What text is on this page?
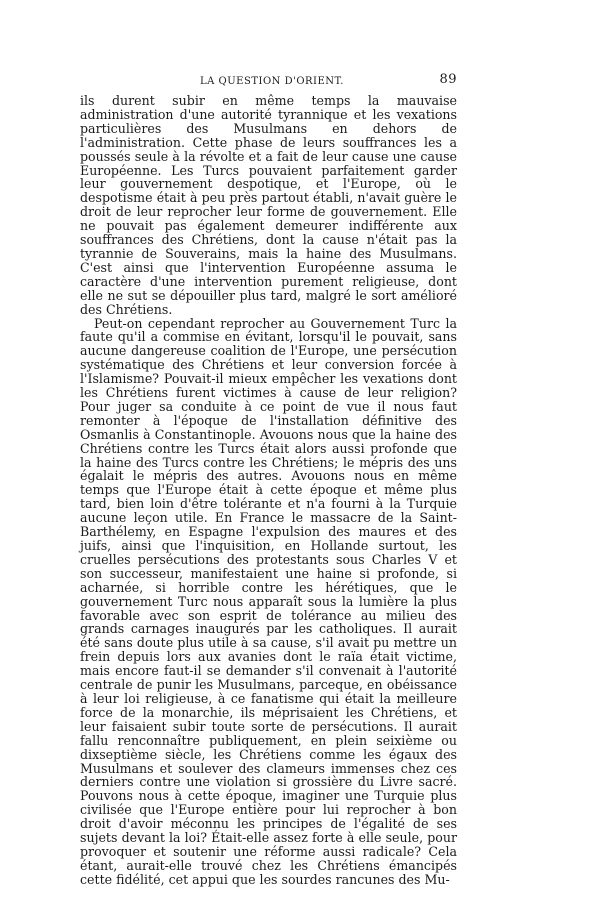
LA QUESTION D'ORIENT.	89

ils durent subir en même temps la mauvaise administration d'une autorité tyrannique et les vexations particulières des Musulmans en dehors de l'administration. Cette phase de leurs souffrances les a poussés seule à la révolte et a fait de leur cause une cause Européenne. Les Turcs pouvaient parfaitement garder leur gouvernement despotique, et l'Europe, où le despotisme était à peu près partout établi, n'avait guère le droit de leur reprocher leur forme de gouvernement. Elle ne pouvait pas également demeurer indifférente aux souffrances des Chrétiens, dont la cause n'était pas la tyrannie de Souverains, mais la haine des Musulmans. C'est ainsi que l'intervention Européenne assuma le caractère d'une intervention purement religieuse, dont elle ne sut se dépouiller plus tard, malgré le sort amélioré des Chrétiens.

Peut-on cependant reprocher au Gouvernement Turc la faute qu'il a commise en évitant, lorsqu'il le pouvait, sans aucune dangereuse coalition de l'Europe, une persécution systématique des Chrétiens et leur conversion forcée à l'Islamisme? Pouvait-il mieux empêcher les vexations dont les Chrétiens furent victimes à cause de leur religion? Pour juger sa conduite à ce point de vue il nous faut remonter à l'époque de l'installation définitive des Osmanlis à Constantinople. Avouons nous que la haine des Chrétiens contre les Turcs était alors aussi profonde que la haine des Turcs contre les Chrétiens; le mépris des uns égalait le mépris des autres. Avouons nous en même temps que l'Europe était à cette époque et même plus tard, bien loin d'être tolérante et n'a fourni à la Turquie aucune leçon utile. En France le massacre de la Saint-Barthélemy, en Espagne l'expulsion des maures et des juifs, ainsi que l'inquisition, en Hollande surtout, les cruelles persécutions des protestants sous Charles V et son successeur, manifestaient une haine si profonde, si acharnée, si horrible contre les hérétiques, que le gouvernement Turc nous apparaît sous la lumière la plus favorable avec son esprit de tolérance au milieu des grands carnages inaugurés par les catholiques. Il aurait été sans doute plus utile à sa cause, s'il avait pu mettre un frein depuis lors aux avanies dont le raïa était victime, mais encore faut-il se demander s'il convenait à l'autorité centrale de punir les Musulmans, parceque, en obéissance à leur loi religieuse, à ce fanatisme qui était la meilleure force de la monarchie, ils méprisaient les Chrétiens, et leur faisaient subir toute sorte de persécutions. Il aurait fallu renconnaître publiquement, en plein seixième ou dixseptième siècle, les Chrétiens comme les égaux des Musulmans et soulever des clameurs immenses chez ces derniers contre une violation si grossière du Livre sacré. Pouvons nous à cette époque, imaginer une Turquie plus civilisée que l'Europe entière pour lui reprocher à bon droit d'avoir méconnu les principes de l'égalité de ses sujets devant la loi? Était-elle assez forte à elle seule, pour provoquer et soutenir une réforme aussi radicale? Cela étant, aurait-elle trouvé chez les Chrétiens émancipés cette fidélité, cet appui que les sourdes rancunes des Mu-
